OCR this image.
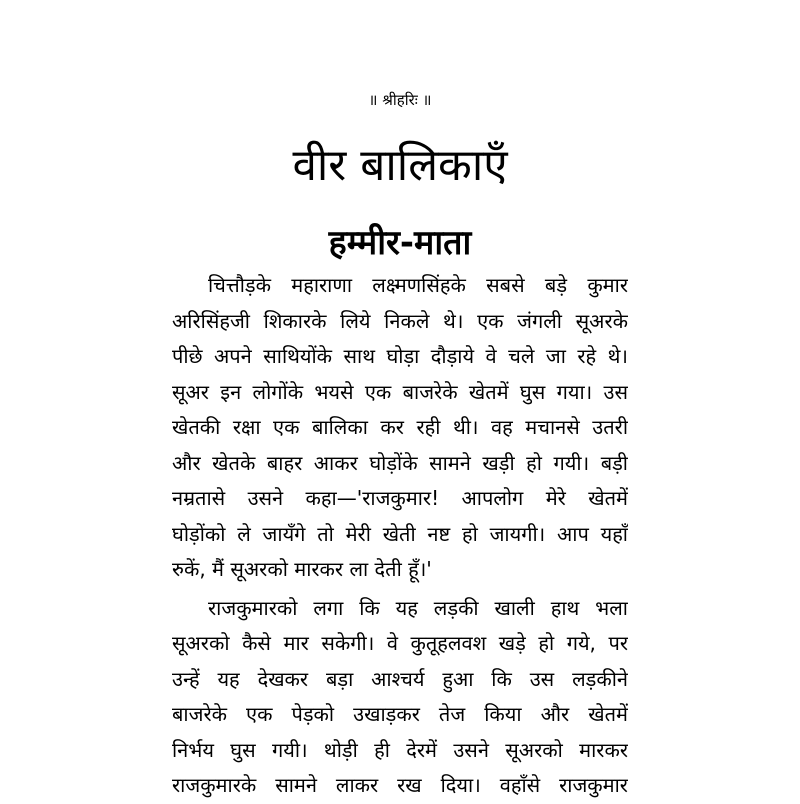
॥ श्रीहरिः ॥
वीर बालिकाएँ
हम्मीर-माता
चित्तौड़के महाराणा लक्ष्मणसिंहके सबसे बड़े कुमार
अरिसिंहजी शिकारके लिये निकले थे। एक जंगली सूअरके
पीछे अपने साथियोंके साथ घोड़ा दौड़ाये वे चले जा रहे थे।
सूअर इन लोगोंके भयसे एक बाजरेके खेतमें घुस गया। उस
खेतकी रक्षा एक बालिका कर रही थी। वह मचानसे उतरी
और खेतके बाहर आकर घोड़ोंके सामने खड़ी हो गयी। बड़ी
नम्रतासे उसने कहा—'राजकुमार! आपलोग मेरे खेतमें
घोड़ोंको ले जायँगे तो मेरी खेती नष्ट हो जायगी। आप यहाँ
रुकें, मैं सूअरको मारकर ला देती हूँ।'
राजकुमारको लगा कि यह लड़की खाली हाथ भला
सूअरको कैसे मार सकेगी। वे कुतूहलवश खड़े हो गये, पर
उन्हें यह देखकर बड़ा आश्चर्य हुआ कि उस लड़कीने
बाजरेके एक पेड़को उखाड़कर तेज किया और खेतमें
निर्भय घुस गयी। थोड़ी ही देरमें उसने सूअरको मारकर
राजकुमारके सामने लाकर रख दिया। वहाँसे राजकुमार
